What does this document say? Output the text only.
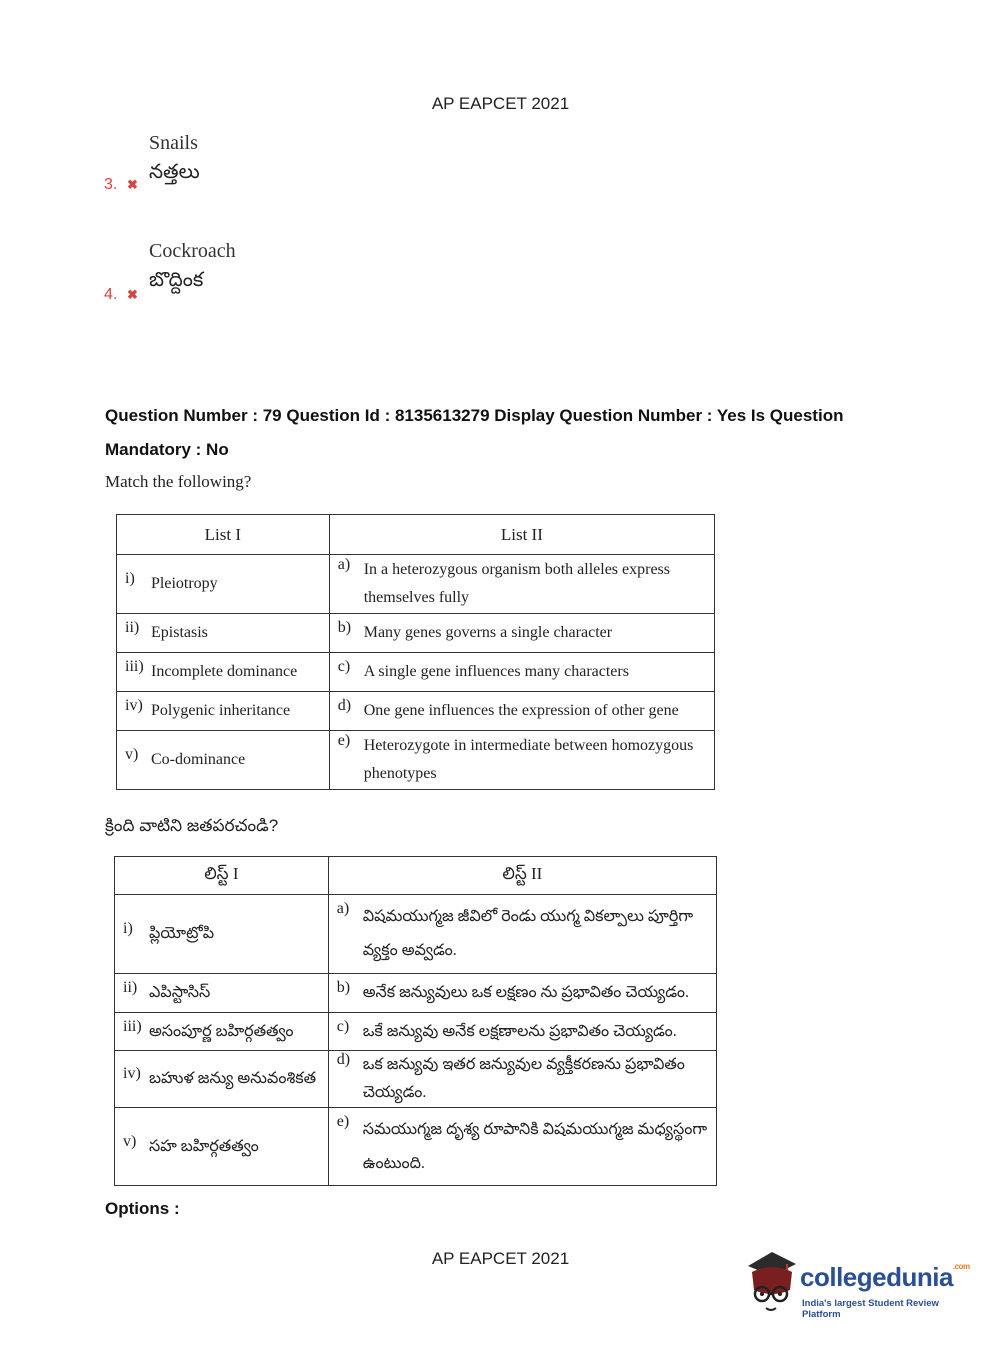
AP EAPCET 2021
3. ✖
Snails
నత్తలు
4. ✖
Cockroach
బొద్దింక
Question Number : 79 Question Id : 8135613279 Display Question Number : Yes Is Question Mandatory : No
Match the following?
List I	List II

i) Pleiotropy	a) In a heterozygous organism both alleles express themselves fully

ii) Epistasis	b) Many genes governs a single character

iii) Incomplete dominance	c) A single gene influences many characters

iv) Polygenic inheritance	d) One gene influences the expression of other gene

v) Co-dominance	e) Heterozygote in intermediate between homozygous phenotypes
క్రింది వాటిని జతపరచండి?
లిస్ట్ I	లిస్ట్ II

i) ప్లియోట్రోపి	a) విషమయుగ్మజ జీవిలో రెండు యుగ్మ వికల్పాలు పూర్తిగా వ్యక్తం అవ్వడం.

ii) ఎపిస్టాసిస్	b) అనేక జన్యువులు ఒక లక్షణం ను ప్రభావితం చెయ్యడం.

iii) అసంపూర్ణ బహిర్గతత్వం	c) ఒకే జన్యువు అనేక లక్షణాలను ప్రభావితం చెయ్యడం.

iv) బహుళ జన్యు అనువంశికత	d) ఒక జన్యువు ఇతర జన్యువుల వ్యక్తీకరణను ప్రభావితం చెయ్యడం.

v) సహ బహిర్గతత్వం	e) సమయుగ్మజ దృశ్య రూపానికి విషమయుగ్మజ మధ్యస్థంగా ఉంటుంది.
Options :
AP EAPCET 2021
collegedunia$^{.com}$
India's largest Student Review Platform
